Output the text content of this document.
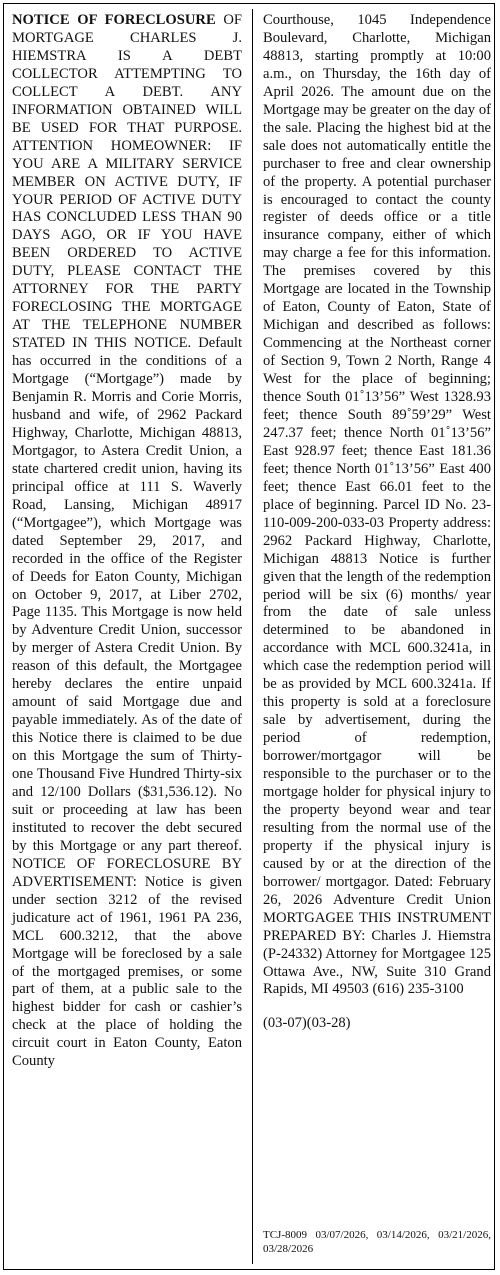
NOTICE OF FORECLOSURE OF MORTGAGE CHARLES J. HIEMSTRA IS A DEBT COLLECTOR ATTEMPTING TO COLLECT A DEBT. ANY INFORMATION OBTAINED WILL BE USED FOR THAT PURPOSE. ATTENTION HOMEOWNER: IF YOU ARE A MILITARY SERVICE MEMBER ON ACTIVE DUTY, IF YOUR PERIOD OF ACTIVE DUTY HAS CONCLUDED LESS THAN 90 DAYS AGO, OR IF YOU HAVE BEEN ORDERED TO ACTIVE DUTY, PLEASE CONTACT THE ATTORNEY FOR THE PARTY FORECLOSING THE MORTGAGE AT THE TELEPHONE NUMBER STATED IN THIS NOTICE. Default has occurred in the conditions of a Mortgage (“Mortgage”) made by Benjamin R. Morris and Corie Morris, husband and wife, of 2962 Packard Highway, Charlotte, Michigan 48813, Mortgagor, to Astera Credit Union, a state chartered credit union, having its principal office at 111 S. Waverly Road, Lansing, Michigan 48917 (“Mortgagee”), which Mortgage was dated September 29, 2017, and recorded in the office of the Register of Deeds for Eaton County, Michigan on October 9, 2017, at Liber 2702, Page 1135. This Mortgage is now held by Adventure Credit Union, successor by merger of Astera Credit Union. By reason of this default, the Mortgagee hereby declares the entire unpaid amount of said Mortgage due and payable immediately. As of the date of this Notice there is claimed to be due on this Mortgage the sum of Thirty-one Thousand Five Hundred Thirty-six and 12/100 Dollars ($31,536.12). No suit or proceeding at law has been instituted to recover the debt secured by this Mortgage or any part thereof. NOTICE OF FORECLOSURE BY ADVERTISEMENT: Notice is given under section 3212 of the revised judicature act of 1961, 1961 PA 236, MCL 600.3212, that the above Mortgage will be foreclosed by a sale of the mortgaged premises, or some part of them, at a public sale to the highest bidder for cash or cashier’s check at the place of holding the circuit court in Eaton County, Eaton County

Courthouse, 1045 Independence Boulevard, Charlotte, Michigan 48813, starting promptly at 10:00 a.m., on Thursday, the 16th day of April 2026. The amount due on the Mortgage may be greater on the day of the sale. Placing the highest bid at the sale does not automatically entitle the purchaser to free and clear ownership of the property. A potential purchaser is encouraged to contact the county register of deeds office or a title insurance company, either of which may charge a fee for this information. The premises covered by this Mortgage are located in the Township of Eaton, County of Eaton, State of Michigan and described as follows: Commencing at the Northeast corner of Section 9, Town 2 North, Range 4 West for the place of beginning; thence South 01˚13’56” West 1328.93 feet; thence South 89˚59’29” West 247.37 feet; thence North 01˚13’56” East 928.97 feet; thence East 181.36 feet; thence North 01˚13’56” East 400 feet; thence East 66.01 feet to the place of beginning. Parcel ID No. 23-110-009-200-033-03 Property address: 2962 Packard Highway, Charlotte, Michigan 48813 Notice is further given that the length of the redemption period will be six (6) months/ year from the date of sale unless determined to be abandoned in accordance with MCL 600.3241a, in which case the redemption period will be as provided by MCL 600.3241a. If this property is sold at a foreclosure sale by advertisement, during the period of redemption, borrower/mortgagor will be responsible to the purchaser or to the mortgage holder for physical injury to the property beyond wear and tear resulting from the normal use of the property if the physical injury is caused by or at the direction of the borrower/ mortgagor. Dated: February 26, 2026 Adventure Credit Union MORTGAGEE THIS INSTRUMENT PREPARED BY: Charles J. Hiemstra (P-24332) Attorney for Mortgagee 125 Ottawa Ave., NW, Suite 310 Grand Rapids, MI 49503 (616) 235-3100

(03-07)(03-28)

TCJ-8009 03/07/2026, 03/14/2026, 03/21/2026, 03/28/2026
